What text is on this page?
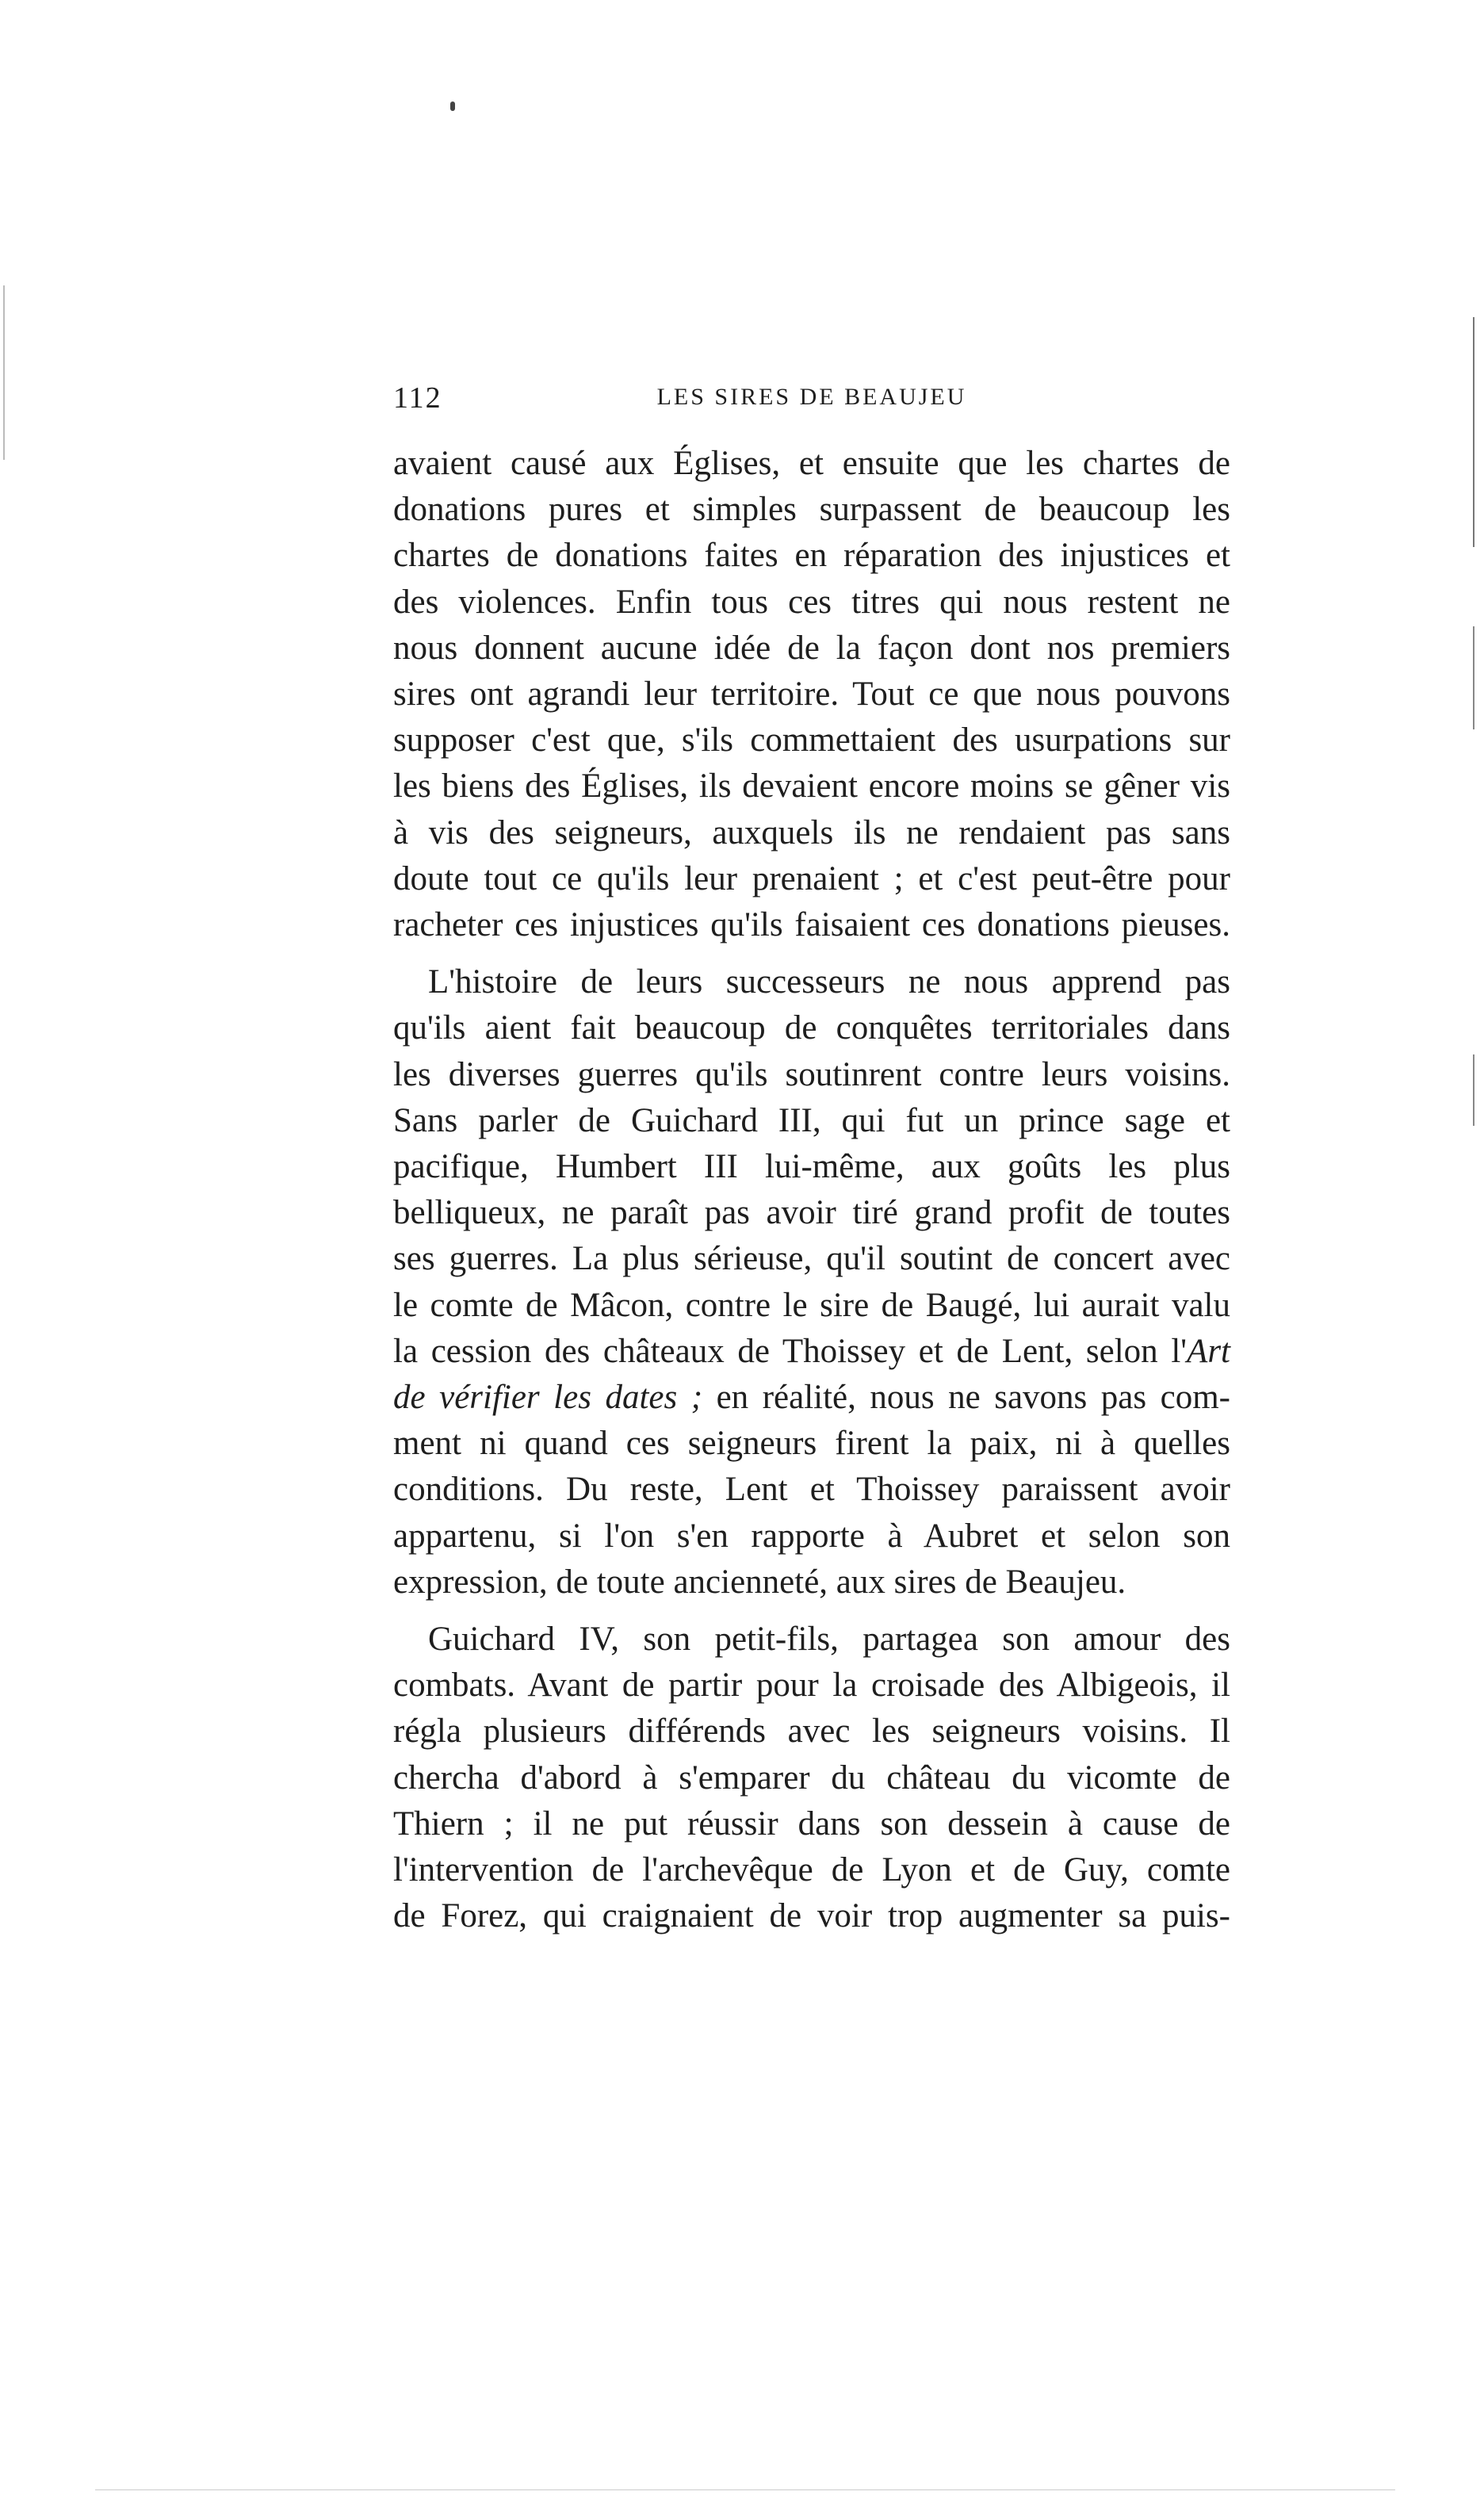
112	LES SIRES DE BEAUJEU
avaient causé aux Églises, et ensuite que les chartes de
donations pures et simples surpassent de beaucoup les
chartes de donations faites en réparation des injustices et
des violences. Enfin tous ces titres qui nous restent ne
nous donnent aucune idée de la façon dont nos premiers
sires ont agrandi leur territoire. Tout ce que nous pouvons
supposer c'est que, s'ils commettaient des usurpations sur
les biens des Églises, ils devaient encore moins se gêner vis
à vis des seigneurs, auxquels ils ne rendaient pas sans
doute tout ce qu'ils leur prenaient ; et c'est peut-être pour
racheter ces injustices qu'ils faisaient ces donations pieuses.
L'histoire de leurs successeurs ne nous apprend pas
qu'ils aient fait beaucoup de conquêtes territoriales dans
les diverses guerres qu'ils soutinrent contre leurs voisins.
Sans parler de Guichard III, qui fut un prince sage et
pacifique, Humbert III lui-même, aux goûts les plus
belliqueux, ne paraît pas avoir tiré grand profit de toutes
ses guerres. La plus sérieuse, qu'il soutint de concert avec
le comte de Mâcon, contre le sire de Baugé, lui aurait valu
la cession des châteaux de Thoissey et de Lent, selon l'Art
de vérifier les dates ; en réalité, nous ne savons pas com-
ment ni quand ces seigneurs firent la paix, ni à quelles
conditions. Du reste, Lent et Thoissey paraissent avoir
appartenu, si l'on s'en rapporte à Aubret et selon son
expression, de toute ancienneté, aux sires de Beaujeu.
Guichard IV, son petit-fils, partagea son amour des
combats. Avant de partir pour la croisade des Albigeois, il
régla plusieurs différends avec les seigneurs voisins. Il
chercha d'abord à s'emparer du château du vicomte de
Thiern ; il ne put réussir dans son dessein à cause de
l'intervention de l'archevêque de Lyon et de Guy, comte
de Forez, qui craignaient de voir trop augmenter sa puis-
